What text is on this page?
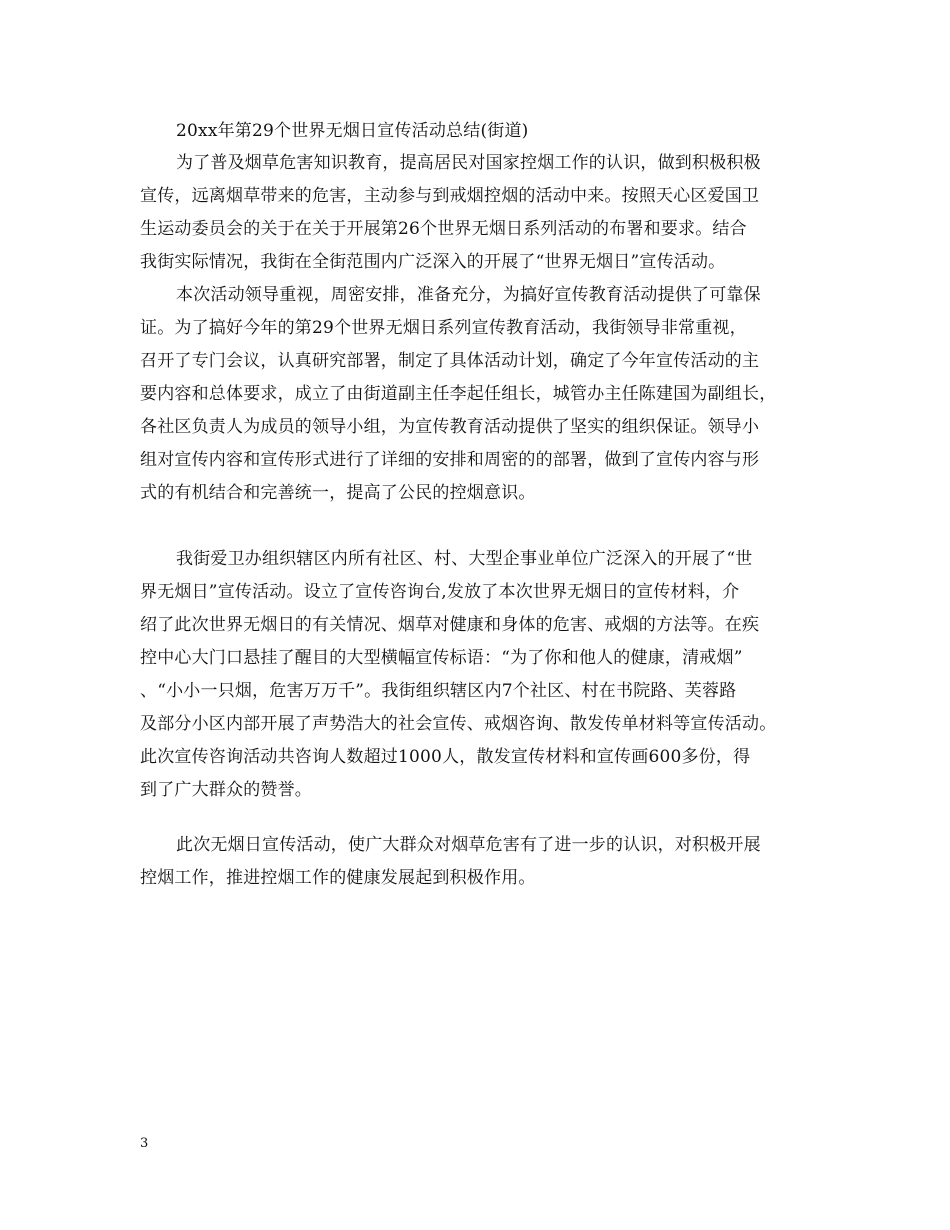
20xx年第29个世界无烟日宣传活动总结(街道)
为了普及烟草危害知识教育，提高居民对国家控烟工作的认识，做到积极积极
宣传，远离烟草带来的危害，主动参与到戒烟控烟的活动中来。按照天心区爱国卫
生运动委员会的关于在关于开展第26个世界无烟日系列活动的布署和要求。结合
我街实际情况，我街在全街范围内广泛深入的开展了“世界无烟日”宣传活动。
本次活动领导重视，周密安排，准备充分，为搞好宣传教育活动提供了可靠保
证。为了搞好今年的第29个世界无烟日系列宣传教育活动，我街领导非常重视，
召开了专门会议，认真研究部署，制定了具体活动计划，确定了今年宣传活动的主
要内容和总体要求，成立了由街道副主任李起任组长，城管办主任陈建国为副组长，
各社区负责人为成员的领导小组，为宣传教育活动提供了坚实的组织保证。领导小
组对宣传内容和宣传形式进行了详细的安排和周密的的部署，做到了宣传内容与形
式的有机结合和完善统一，提高了公民的控烟意识。
我街爱卫办组织辖区内所有社区、村、大型企事业单位广泛深入的开展了“世
界无烟日”宣传活动。设立了宣传咨询台,发放了本次世界无烟日的宣传材料，介
绍了此次世界无烟日的有关情况、烟草对健康和身体的危害、戒烟的方法等。在疾
控中心大门口悬挂了醒目的大型横幅宣传标语：“为了你和他人的健康，清戒烟”
、“小小一只烟，危害万万千”。我街组织辖区内7个社区、村在书院路、芙蓉路
及部分小区内部开展了声势浩大的社会宣传、戒烟咨询、散发传单材料等宣传活动。
此次宣传咨询活动共咨询人数超过1000人，散发宣传材料和宣传画600多份，得
到了广大群众的赞誉。
此次无烟日宣传活动，使广大群众对烟草危害有了进一步的认识，对积极开展
控烟工作，推进控烟工作的健康发展起到积极作用。
3
